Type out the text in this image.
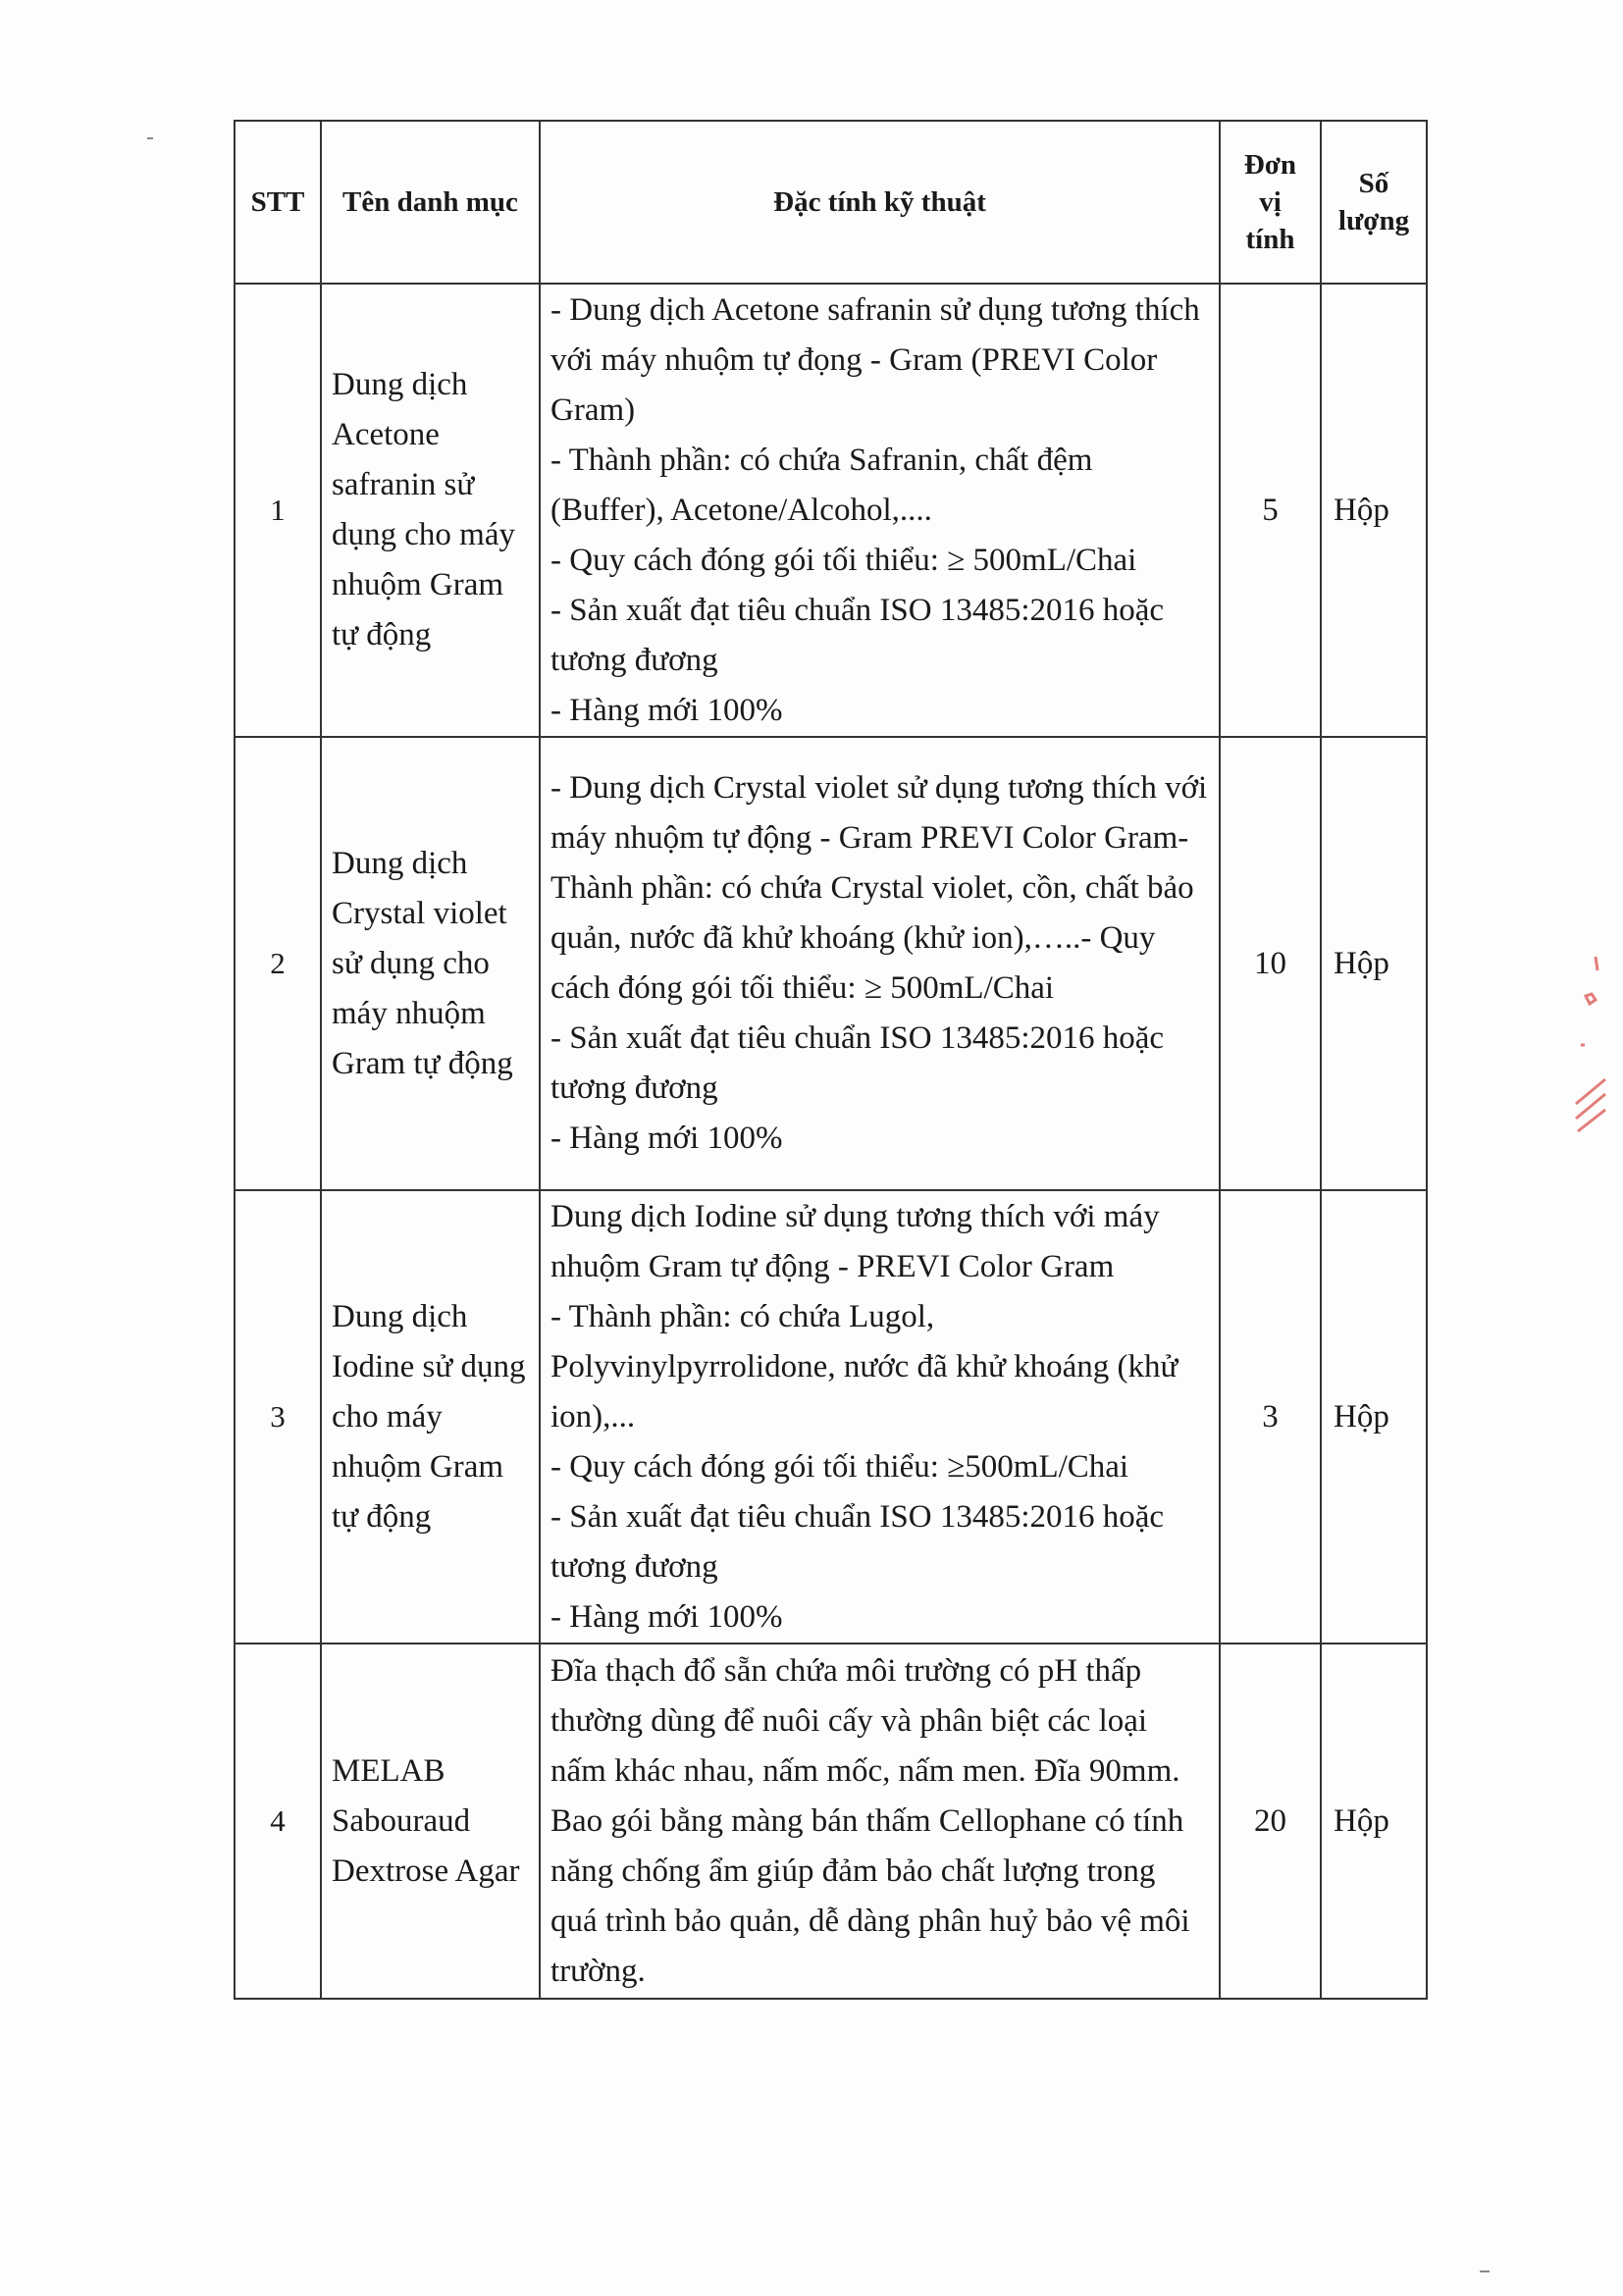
STT	Tên danh mục	Đặc tính kỹ thuật	Đơn vị tính	Số lượng
1	Dung dịch Acetone safranin sử dụng cho máy nhuộm Gram tự động	- Dung dịch Acetone safranin sử dụng tương thích với máy nhuộm tự đọng - Gram (PREVI Color Gram)
- Thành phần: có chứa Safranin, chất đệm (Buffer), Acetone/Alcohol,....
- Quy cách đóng gói tối thiểu: ≥ 500mL/Chai
- Sản xuất đạt tiêu chuẩn ISO 13485:2016 hoặc tương đương
- Hàng mới 100%	5	Hộp
2	Dung dịch Crystal violet sử dụng cho máy nhuộm Gram tự động	- Dung dịch Crystal violet sử dụng tương thích với máy nhuộm tự động - Gram PREVI Color Gram- Thành phần: có chứa Crystal violet, cồn, chất bảo quản, nước đã khử khoáng (khử ion),…..- Quy cách đóng gói tối thiểu: ≥ 500mL/Chai
- Sản xuất đạt tiêu chuẩn ISO 13485:2016 hoặc tương đương
- Hàng mới 100%	10	Hộp
3	Dung dịch Iodine sử dụng cho máy nhuộm Gram tự động	Dung dịch Iodine sử dụng tương thích với máy nhuộm Gram tự động - PREVI Color Gram
- Thành phần: có chứa Lugol, Polyvinylpyrrolidone, nước đã khử khoáng (khử ion),...
- Quy cách đóng gói tối thiểu: ≥500mL/Chai
- Sản xuất đạt tiêu chuẩn ISO 13485:2016 hoặc tương đương
- Hàng mới 100%	3	Hộp
4	MELAB Sabouraud Dextrose Agar	Đĩa thạch đổ sẵn chứa môi trường có pH thấp thường dùng để nuôi cấy và phân biệt các loại nấm khác nhau, nấm mốc, nấm men. Đĩa 90mm. Bao gói bằng màng bán thấm Cellophane có tính năng chống ẩm giúp đảm bảo chất lượng trong quá trình bảo quản, dễ dàng phân huỷ bảo vệ môi trường.	20	Hộp
